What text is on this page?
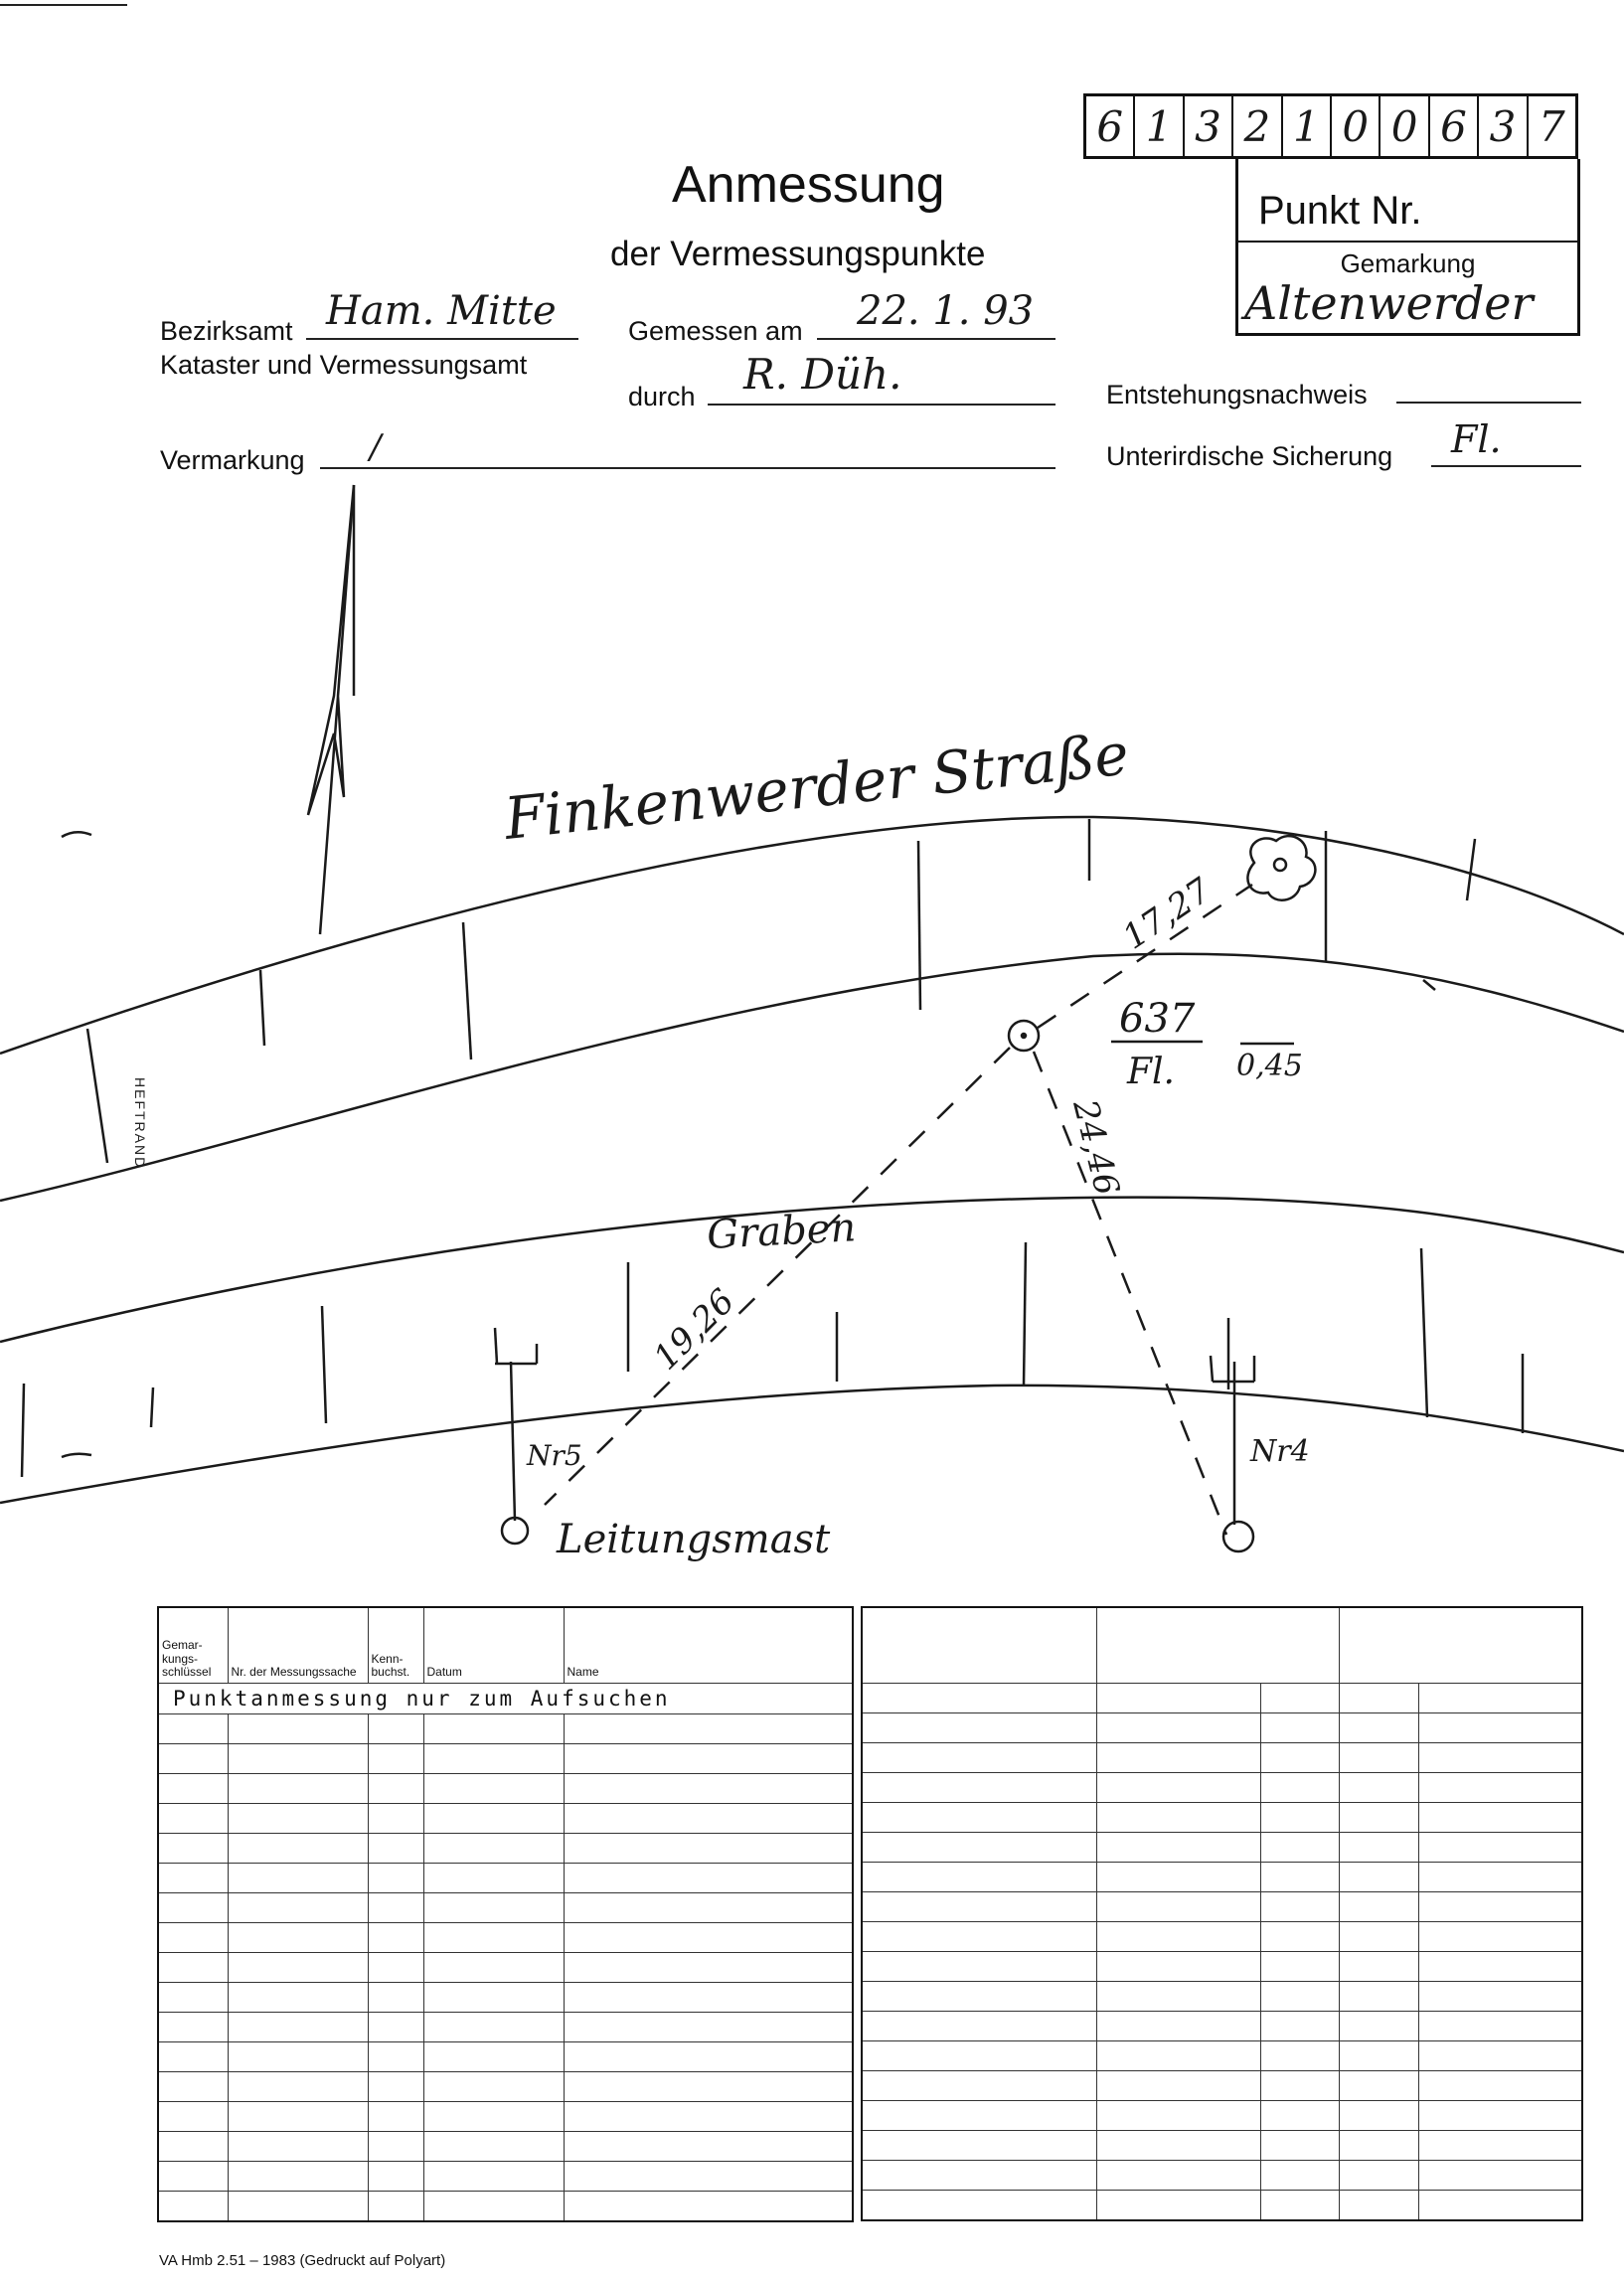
6 1 3 2 1 0 0 6 3 7
Punkt Nr.
Gemarkung
Altenwerder
Anmessung
der Vermessungspunkte
Bezirksamt Ham. Mitte
Kataster und Vermessungsamt
Gemessen am 22. 1. 93
durch R. Düh.
Vermarkung /
Entstehungsnachweis
Unterirdische Sicherung Fl.
Finkenwerder Straße
Graben
17,27
24,46
19,26
637
Fl. 0,45
Nr5	Nr4
Leitungsmast
HEFTRAND
Gemar-kungs-schlüssel	Nr. der Messungssache	Kenn-buchst.	Datum	Name

Punktanmessung nur zum Aufsuchen				

VA Hmb 2.51 – 1983 (Gedruckt auf Polyart)
